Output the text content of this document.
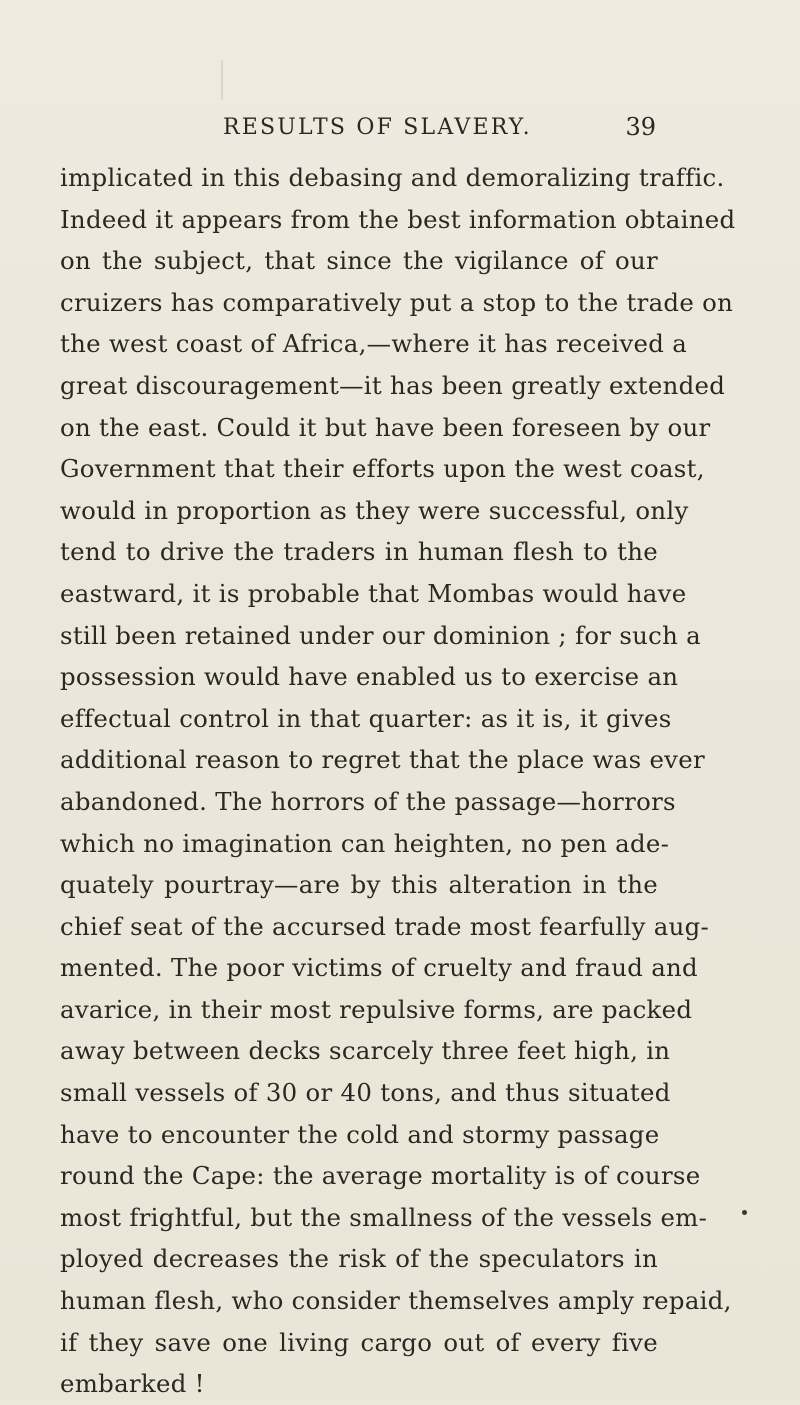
RESULTS OF SLAVERY.	39
implicated in this debasing and demoralizing traffic.
Indeed it appears from the best information obtained
on the subject, that since the vigilance of our
cruizers has comparatively put a stop to the trade on
the west coast of Africa,—where it has received a
great discouragement—it has been greatly extended
on the east. Could it but have been foreseen by our
Government that their efforts upon the west coast,
would in proportion as they were successful, only
tend to drive the traders in human flesh to the
eastward, it is probable that Mombas would have
still been retained under our dominion ; for such a
possession would have enabled us to exercise an
effectual control in that quarter: as it is, it gives
additional reason to regret that the place was ever
abandoned. The horrors of the passage—horrors
which no imagination can heighten, no pen ade-
quately pourtray—are by this alteration in the
chief seat of the accursed trade most fearfully aug-
mented. The poor victims of cruelty and fraud and
avarice, in their most repulsive forms, are packed
away between decks scarcely three feet high, in
small vessels of 30 or 40 tons, and thus situated
have to encounter the cold and stormy passage
round the Cape: the average mortality is of course
most frightful, but the smallness of the vessels em-
ployed decreases the risk of the speculators in
human flesh, who consider themselves amply repaid,
if they save one living cargo out of every five
embarked !
